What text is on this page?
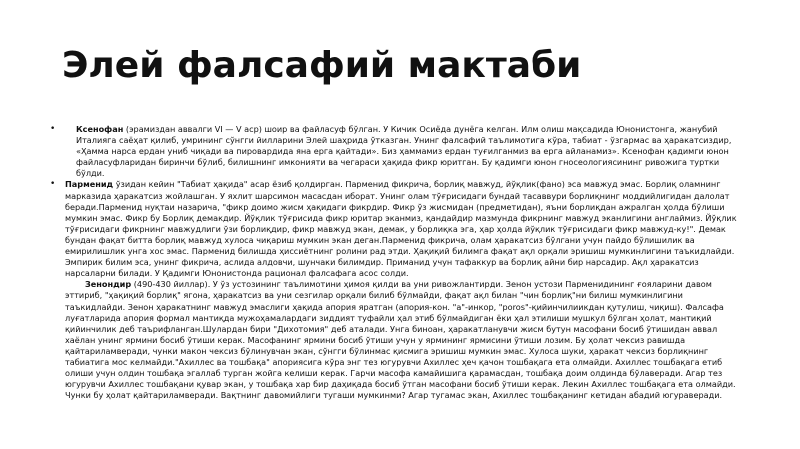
Элей фалсафий мактаби

•	Ксенофан (эрамиздан аввалги VI — V аср) шоир ва файласуф бўлган. У Кичик Осиёда дунёга келган. Илм олиш мақсадида Юнонистонга, жанубий Италияга саёҳат қилиб, умрининг сўнгги йилларини Элей шаҳрида ўтказган. Унинг фалсафий таълимотига кўра, табиат - ўзгармас ва ҳаракатсиздир, «Ҳамма нарса ердан униб чиқади ва пировардида яна ерга қайтади». Биз ҳаммамиз ердан туғилганмиз ва ерга айланамиз». Ксенофан қадимги юнон файласуфларидан биринчи бўлиб, билишнинг имконияти ва чегараси ҳақида фикр юритган. Бу қадимги юнон гносеологиясининг ривожига туртки бўлди.

• Парменид ўзидан кейин "Табиат ҳақида" асар ёзиб қолдирган. Парменид фикрича, борлиқ мавжуд, йўқлик(фано) эса мавжуд эмас. Борлиқ оламнинг марказида ҳаракатсиз жойлашган. У яхлит шарсимон масасдан иборат. Унинг олам тўғрисидаги бундай тасаввури борлиқнинг моддийлигидан далолат беради.Парменид нуқтаи назарича, "фикр доимо жисм ҳақидаги фикрдир. Фикр ўз жисмидан (предметидан), яъни борлиқдан ажралган ҳолда бўлиши мумкин эмас. Фикр бу Борлиқ демакдир. Йўқлик тўғрисида фикр юритар эканмиз, қандайдир мазмунда фикрнинг мавжуд эканлигини англаймиз. Йўқлик тўғрисидаги фикрнинг мавжудлиги ўзи борлиқдир, фикр мавжуд экан, демак, у борлиқка эга, ҳар ҳолда йўқлик тўғрисидаги фикр мавжуд-ку!". Демак бундан фақат битта борлиқ мавжуд хулоса чиқариш мумкин экан деган.Парменид фикрича, олам ҳаракатсиз бўлгани учун пайдо бўлишилик ва емирилишлик унга хос эмас. Парменид билишда ҳиссиётнинг ролини рад этди. Ҳақиқий билимга фақат ақл орқали эришиш мумкинлигини таъкидлайди. Эмпирик билим эса, унинг фикрича, аслида алдовчи, шунчаки билимдир. Приманид учун тафаккур ва борлиқ айни бир нарсадир. Ақл ҳаракатсиз нарсаларни билади. У Қадимги Юнонистонда рационал фалсафага асос солди.

Зенондир (490-430 йиллар). У ўз устозининг таълимотини ҳимоя қилди ва уни ривожлантирди. Зенон устози Парменидининг ғояларини давом эттириб, "ҳақиқий борлиқ" ягона, ҳаракатсиз ва уни сезгилар орқали билиб бўлмайди, фақат ақл билан "чин борлиқ"ни билиш мумкинлигини таъкидлайди. Зенон ҳаракатнинг мавжуд эмаслиги ҳақида апория яратган (апория-кон. "a"-инкор, "poros"-қийинчилиикдан қутулиш, чиқиш). Фалсафа луғатларида апория формал мантиқда мужоҳамалардаги зиддият туфайли ҳал этиб бўлмайдиган ёки ҳал этилиши мушкул бўлган ҳолат, мантиқий қийинчилик деб таърифланган.Шулардан бири "Дихотомия" деб аталади. Унга бинoан, ҳаракатланувчи жисм бутун масофани босиб ўтишидан аввал хаёлан унинг ярмини босиб ўтиши керак. Масофанинг ярмини босиб ўтиши учун у ярмининг ярмисини ўтиши лозим. Бу ҳолат чексиз равишда қайтариламверади, чунки макон чексиз бўлинувчан экан, сўнгги бўлинмас қисмига эришиш мумкин эмас. Хулоса шуки, ҳаракат чексиз борлиқнинг табиатига мос келмайди."Ахиллес ва тошбақа" апориясига кўра энг тез югурувчи Ахиллес ҳеч қачон тошбақага ета олмайди. Ахиллес тошбақага етиб олиши учун олдин тошбақа эгаллаб турган жойга келиши керак. Гарчи масофа камайишига қарамасдан, тошбақа доим олдинда бўлаверади. Агар тез югурувчи Ахиллес тошбақани қувар экан, у тошбақа хар бир даҳиқада босиб ўтган масофани босиб ўтиши керак. Лекин Ахиллес тошбақага ета олмайди. Чунки бу ҳолат қайтариламверади. Вақтнинг давомийлиги тугаши мумкинми? Агар тугамас экан, Ахиллес тошбақанинг кетидан абадий югураверади.
